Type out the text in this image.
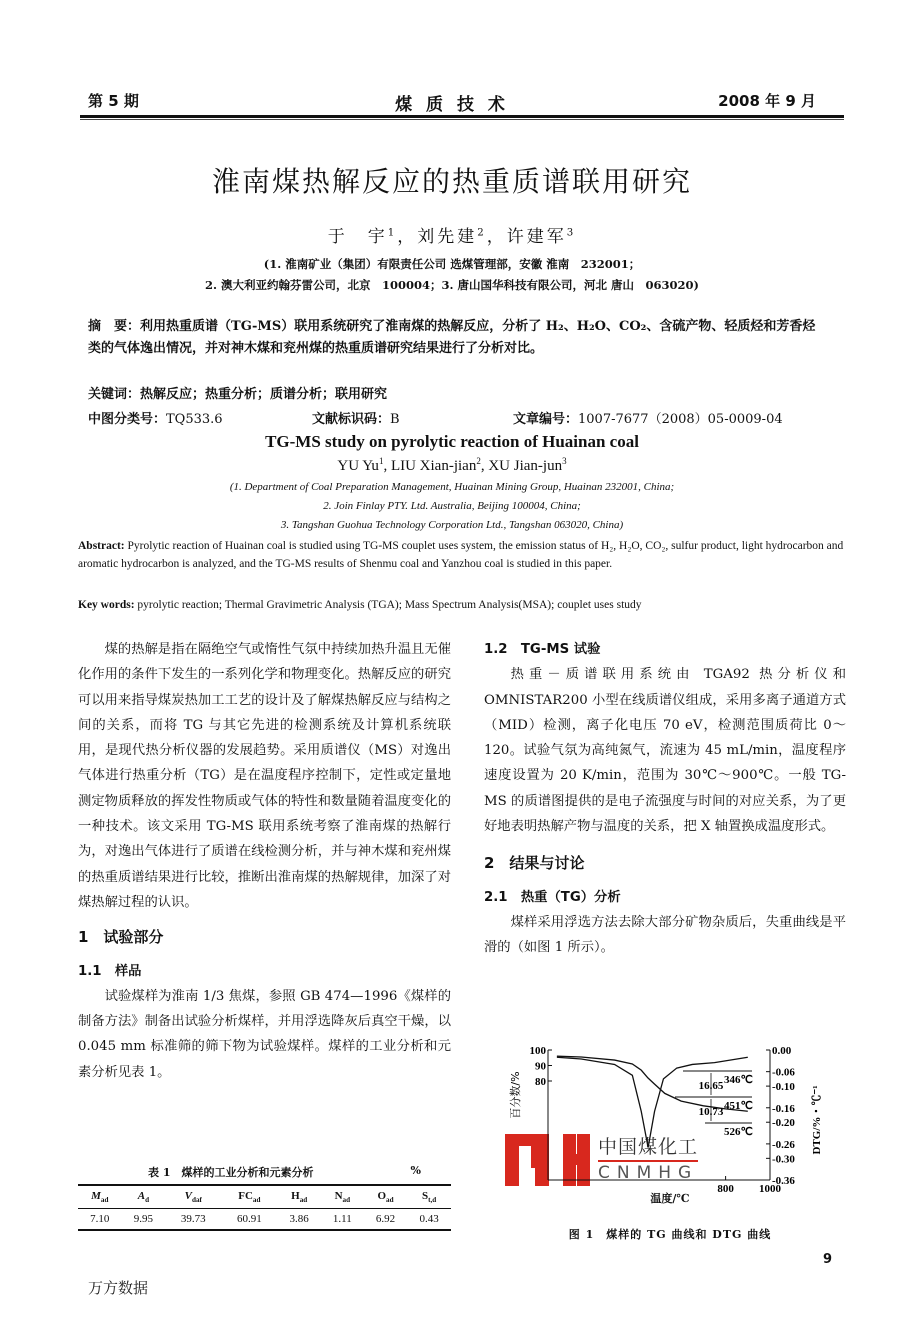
第 5 期	煤 质 技 术	2008 年 9 月
淮南煤热解反应的热重质谱联用研究
于　宇$^1$，刘先建$^2$，许建军$^3$
(1. 淮南矿业（集团）有限责任公司 选煤管理部，安徽 淮南　232001；
2. 澳大利亚约翰芬雷公司，北京　100004；3. 唐山国华科技有限公司，河北 唐山　063020)
摘　要：利用热重质谱（TG-MS）联用系统研究了淮南煤的热解反应，分析了 H₂、H₂O、CO₂、含硫产物、轻质烃和芳香烃类的气体逸出情况，并对神木煤和兖州煤的热重质谱研究结果进行了分析对比。
关键词：热解反应；热重分析；质谱分析；联用研究
中图分类号：TQ533.6	文献标识码：B	文章编号：1007-7677（2008）05-0009-04
TG-MS study on pyrolytic reaction of Huainan coal
YU Yu$^1$, LIU Xian-jian$^2$, XU Jian-jun$^3$
(1. Department of Coal Preparation Management, Huainan Mining Group, Huainan 232001, China;
2. Join Finlay PTY. Ltd. Australia, Beijing 100004, China;
3. Tangshan Guohua Technology Corporation Ltd., Tangshan 063020, China)
Abstract: Pyrolytic reaction of Huainan coal is studied using TG-MS couplet uses system, the emission status of H₂, H₂O, CO₂, sulfur product, light hydrocarbon and aromatic hydrocarbon is analyzed, and the TG-MS results of Shenmu coal and Yanzhou coal is studied in this paper.
Key words: pyrolytic reaction; Thermal Gravimetric Analysis (TGA); Mass Spectrum Analysis(MSA); couplet uses study

煤的热解是指在隔绝空气或惰性气氛中持续加热升温且无催化作用的条件下发生的一系列化学和物理变化。热解反应的研究可以用来指导煤炭热加工工艺的设计及了解煤热解反应与结构之间的关系，而将 TG 与其它先进的检测系统及计算机系统联用，是现代热分析仪器的发展趋势。采用质谱仪（MS）对逸出气体进行热重分析（TG）是在温度程序控制下，定性或定量地测定物质释放的挥发性物质或气体的特性和数量随着温度变化的一种技术。该文采用 TG-MS 联用系统考察了淮南煤的热解行为，对逸出气体进行了质谱在线检测分析，并与神木煤和兖州煤的热重质谱结果进行比较，推断出淮南煤的热解规律，加深了对煤热解过程的认识。

1　试验部分
1.1　样品

试验煤样为淮南 1/3 焦煤，参照 GB 474—1996《煤样的制备方法》制备出试验分析煤样，并用浮选降灰后真空干燥，以 0.045 mm 标准筛的筛下物为试验煤样。煤样的工业分析和元素分析见表 1。

表 1　煤样的工业分析和元素分析	%
$M_{ad}$	$A_d$	$V_{daf}$	$FC_{ad}$	$H_{ad}$	$N_{ad}$	$O_{ad}$	$S_{t,d}$
7.10	9.95	39.73	60.91	3.86	1.11	6.92	0.43
1.2　TG-MS 试验

热重－质谱联用系统由 TGA92 热分析仪和 OMNISTAR200 小型在线质谱仪组成，采用多离子通道方式（MID）检测，离子化电压 70 eV，检测范围质荷比 0～120。试验气氛为高纯氮气，流速为 45 mL/min，温度程序速度设置为 20 K/min，范围为 30℃～900℃。一般 TG-MS 的质谱图提供的是电子流强度与时间的对应关系，为了更好地表明热解产物与温度的关系，把 X 轴置换成温度形式。

2　结果与讨论
2.1　热重（TG）分析

煤样采用浮选方法去除大部分矿物杂质后，失重曲线是平滑的（如图 1 所示）。

中国煤化工
CNMHG
100
90
80
0.00
-0.06
-0.10
-0.16
-0.20
-0.26
-0.30
-0.36
800 1000
346℃
451℃
526℃
16.65
10.73
百分数/%	DTG/%・℃⁻¹
温度/℃
图 1　煤样的 TG 曲线和 DTG 曲线
9
万方数据
